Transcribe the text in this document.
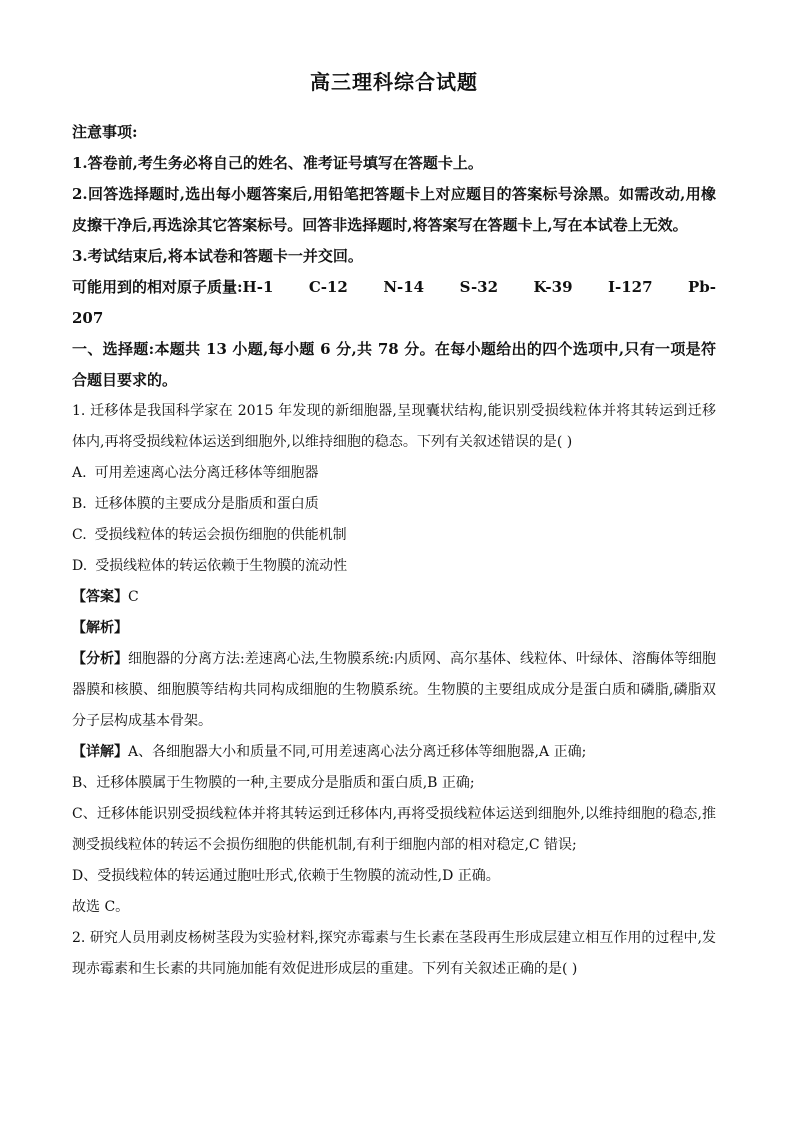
高三理科综合试题

注意事项:

1.答卷前,考生务必将自己的姓名、准考证号填写在答题卡上。

2.回答选择题时,选出每小题答案后,用铅笔把答题卡上对应题目的答案标号涂黑。如需改动,用橡皮擦干净后,再选涂其它答案标号。回答非选择题时,将答案写在答题卡上,写在本试卷上无效。

3.考试结束后,将本试卷和答题卡一并交回。

可能用到的相对原子质量:H-1 C-12 N-14 S-32 K-39 I-127 Pb-

207

一、选择题:本题共 13 小题,每小题 6 分,共 78 分。在每小题给出的四个选项中,只有一项是符合题目要求的。

1. 迁移体是我国科学家在 2015 年发现的新细胞器,呈现囊状结构,能识别受损线粒体并将其转运到迁移体内,再将受损线粒体运送到细胞外,以维持细胞的稳态。下列有关叙述错误的是( )

A. 可用差速离心法分离迁移体等细胞器

B. 迁移体膜的主要成分是脂质和蛋白质

C. 受损线粒体的转运会损伤细胞的供能机制

D. 受损线粒体的转运依赖于生物膜的流动性

【答案】C

【解析】

【分析】细胞器的分离方法:差速离心法,生物膜系统:内质网、高尔基体、线粒体、叶绿体、溶酶体等细胞器膜和核膜、细胞膜等结构共同构成细胞的生物膜系统。生物膜的主要组成成分是蛋白质和磷脂,磷脂双分子层构成基本骨架。

【详解】A、各细胞器大小和质量不同,可用差速离心法分离迁移体等细胞器,A 正确;

B、迁移体膜属于生物膜的一种,主要成分是脂质和蛋白质,B 正确;

C、迁移体能识别受损线粒体并将其转运到迁移体内,再将受损线粒体运送到细胞外,以维持细胞的稳态,推测受损线粒体的转运不会损伤细胞的供能机制,有利于细胞内部的相对稳定,C 错误;

D、受损线粒体的转运通过胞吐形式,依赖于生物膜的流动性,D 正确。

故选 C。

2. 研究人员用剥皮杨树茎段为实验材料,探究赤霉素与生长素在茎段再生形成层建立相互作用的过程中,发现赤霉素和生长素的共同施加能有效促进形成层的重建。下列有关叙述正确的是( )
